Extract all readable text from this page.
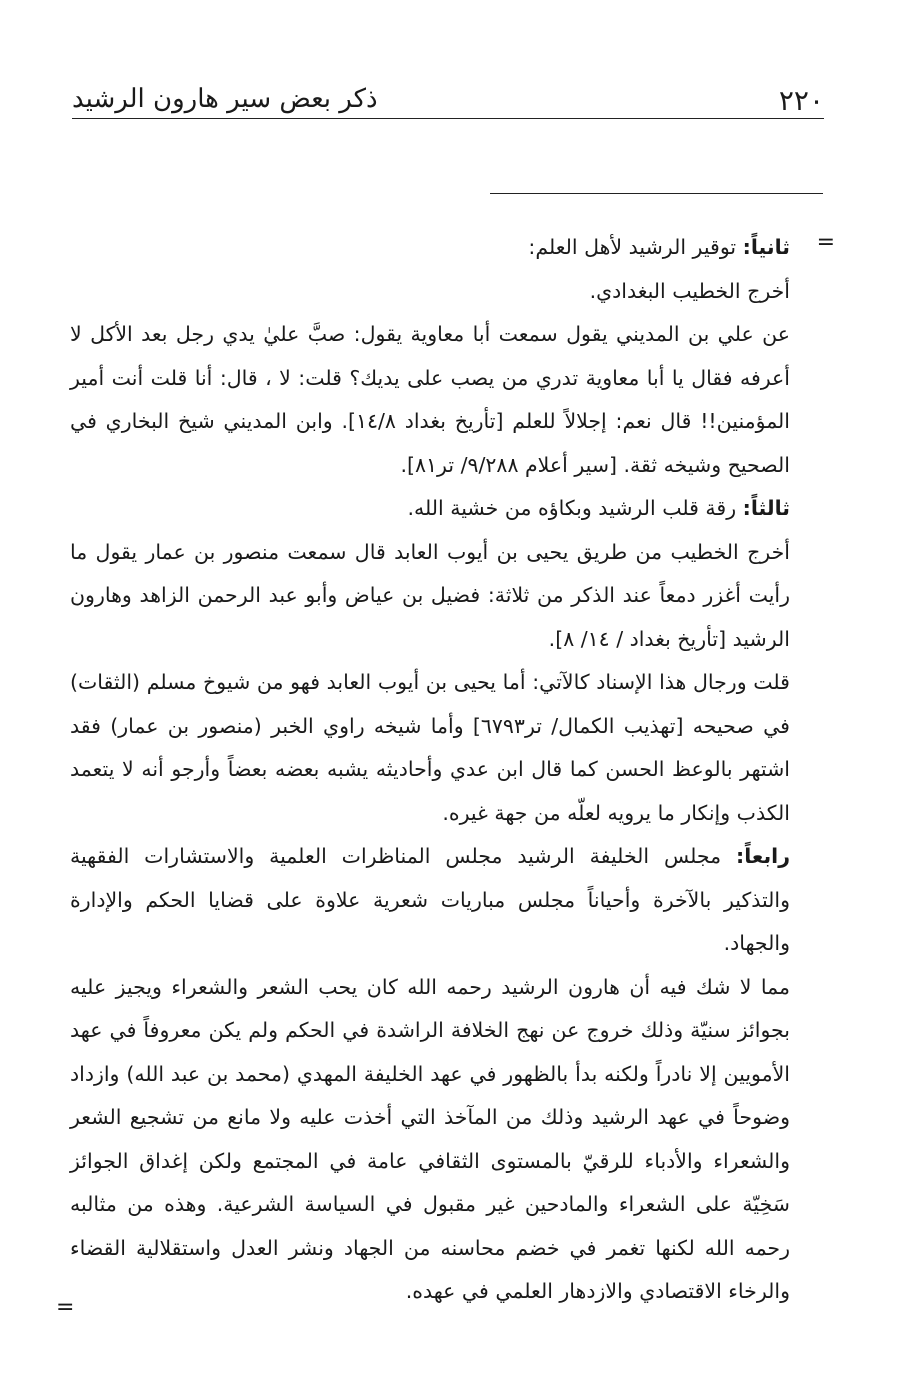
٢٢٠
ذكر بعض سير هارون الرشيد
=
=

ثانياً: توقير الرشيد لأهل العلم:

أخرج الخطيب البغدادي.

عن علي بن المديني يقول سمعت أبا معاوية يقول: صبَّ عليٰ يدي رجل بعد الأكل لا أعرفه فقال يا أبا معاوية تدري من يصب على يديك؟ قلت: لا ، قال: أنا قلت أنت أمير المؤمنين!! قال نعم: إجلالاً للعلم [تأريخ بغداد ١٤/٨]. وابن المديني شيخ البخاري في الصحيح وشيخه ثقة. [سير أعلام ٩/٢٨٨/ تر٨١].

ثالثاً: رقة قلب الرشيد وبكاؤه من خشية الله.

أخرج الخطيب من طريق يحيى بن أيوب العابد قال سمعت منصور بن عمار يقول ما رأيت أغزر دمعاً عند الذكر من ثلاثة: فضيل بن عياض وأبو عبد الرحمن الزاهد وهارون الرشيد [تأريخ بغداد / ١٤/ ٨].

قلت ورجال هذا الإسناد كالآتي: أما يحيى بن أيوب العابد فهو من شيوخ مسلم (الثقات) في صحيحه [تهذيب الكمال/ تر٦٧٩٣] وأما شيخه راوي الخبر (منصور بن عمار) فقد اشتهر بالوعظ الحسن كما قال ابن عدي وأحاديثه يشبه بعضه بعضاً وأرجو أنه لا يتعمد الكذب وإنكار ما يرويه لعلّه من جهة غيره.

رابعاً: مجلس الخليفة الرشيد مجلس المناظرات العلمية والاستشارات الفقهية والتذكير بالآخرة وأحياناً مجلس مباريات شعرية علاوة على قضايا الحكم والإدارة والجهاد.

مما لا شك فيه أن هارون الرشيد رحمه الله كان يحب الشعر والشعراء ويجيز عليه بجوائز سنيّة وذلك خروج عن نهج الخلافة الراشدة في الحكم ولم يكن معروفاً في عهد الأمويين إلا نادراً ولكنه بدأ بالظهور في عهد الخليفة المهدي (محمد بن عبد الله) وازداد وضوحاً في عهد الرشيد وذلك من المآخذ التي أخذت عليه ولا مانع من تشجيع الشعر والشعراء والأدباء للرقيّ بالمستوى الثقافي عامة في المجتمع ولكن إغداق الجوائز سَخِيّة على الشعراء والمادحين غير مقبول في السياسة الشرعية. وهذه من مثالبه رحمه الله لكنها تغمر في خضم محاسنه من الجهاد ونشر العدل واستقلالية القضاء والرخاء الاقتصادي والازدهار العلمي في عهده.
